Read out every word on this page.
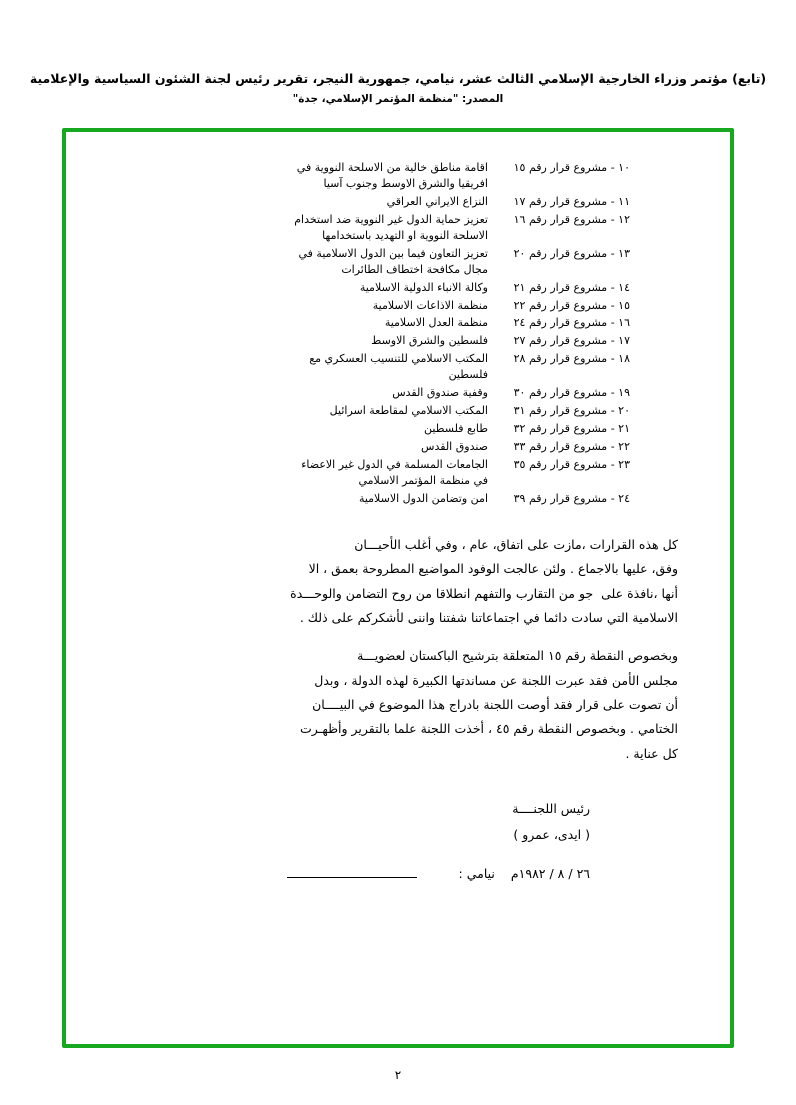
(تابع) مؤتمر وزراء الخارجية الإسلامي الثالث عشر، نيامي، جمهورية النيجر، تقرير رئيس لجنة الشئون السياسية والإعلامية
المصدر: "منظمة المؤتمر الإسلامي، جدة"
١٠ - مشروع قرار رقم ١٥
اقامة مناطق خالية من الاسلحة النووية في
افريقيا والشرق الاوسط وجنوب آسيا
١١ - مشروع قرار رقم ١٧
النزاع الايراني العراقي
١٢ - مشروع قرار رقم ١٦
تعزيز حماية الدول غير النووية ضد استخدام
الاسلحة النووية او التهديد باستخدامها
١٣ - مشروع قرار رقم ٢٠
تعزيز التعاون فيما بين الدول الاسلامية في
مجال مكافحة اختطاف الطائرات
١٤ - مشروع قرار رقم ٢١
وكالة الانباء الدولية الاسلامية
١٥ - مشروع قرار رقم ٢٢
منظمة الاذاعات الاسلامية
١٦ - مشروع قرار رقم ٢٤
منظمة العدل الاسلامية
١٧ - مشروع قرار رقم ٢٧
فلسطين والشرق الاوسط
١٨ - مشروع قرار رقم ٢٨
المكتب الاسلامي للتنسيب العسكري مع
فلسطين
١٩ - مشروع قرار رقم ٣٠
وقفية صندوق القدس
٢٠ - مشروع قرار رقم ٣١
المكتب الاسلامي لمقاطعة اسرائيل
٢١ - مشروع قرار رقم ٣٢
طابع فلسطين
٢٢ - مشروع قرار رقم ٣٣
صندوق القدس
٢٣ - مشروع قرار رقم ٣٥
الجامعات المسلمة في الدول غير الاعضاء
في منظمة المؤتمر الاسلامي
٢٤ - مشروع قرار رقم ٣٩
امن وتضامن الدول الاسلامية
كل هذه القرارات ،مازت على اتفاق، عام ، وفي أغلب الأحيـــان
وفق، عليها بالاجماع . ولئن عالجت الوفود المواضيع المطروحة بعمق ، الا
أنها ،نافذة على  جو من التقارب والتفهم انطلاقا من روح التضامن والوحـــدة
الاسلامية التي سادت دائما في اجتماعاتنا شفتنا واننى لأشكركم على ذلك .
وبخصوص النقطة رقم ١٥ المتعلقة بترشيح الباكستان لعضويـــة
مجلس الأمن فقد عبرت اللجنة عن مساندتها الكبيرة لهذه الدولة ، وبدل
أن تصوت على قرار فقد أوصت اللجنة بادراج هذا الموضوع في البيــــان
الختامي . وبخصوص النقطة رقم ٤٥ ، أخذت اللجنة علما بالتقرير وأظهـرت
كل عناية .
رئيس اللجنــــة
( ايدى، عمرو )
٢٦ / ٨ / ١٩٨٢م
نيامي :
٢
